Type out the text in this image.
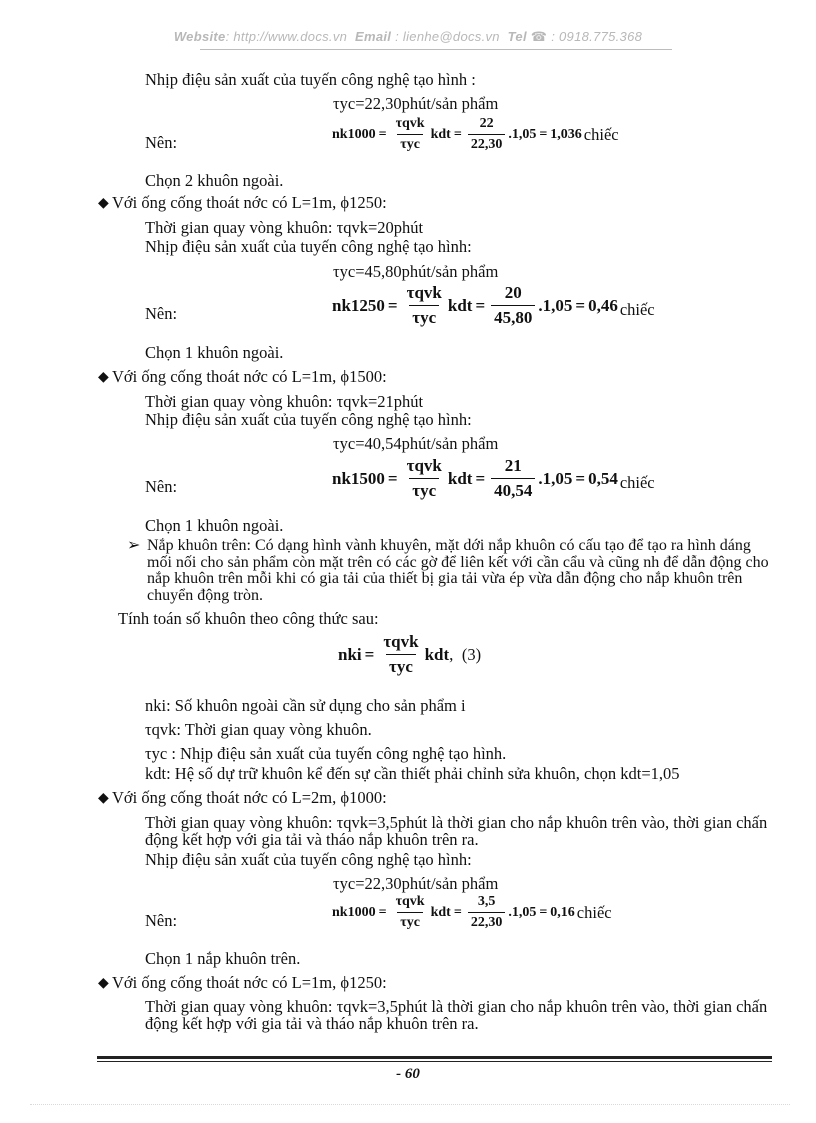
Website: http://www.docs.vn Email : lienhe@docs.vn Tel ☎ : 0918.775.368
Nhịp điệu sản xuất của tuyến công nghệ tạo hình :
τyc=22,30phút/sản phẩm
Nên:	$nk1000 = \frac{\text{τqvk}}{\text{τyc}}$ kdt = $\frac{22}{22,30} .1,05 = 1,036$ chiếc
Chọn 2 khuôn ngoài.
◆ Với ống cống thoát nớc có L=1m, ϕ1250:
Thời gian quay vòng khuôn: τqvk=20phút
Nhịp điệu sản xuất của tuyến công nghệ tạo hình:
τyc=45,80phút/sản phẩm
Nên:	$nk1250 = \frac{\text{τqvk}}{\text{τyc}}$ kdt = $\frac{20}{45,80} .1,05 = 0,46$ chiếc
Chọn 1 khuôn ngoài.
◆ Với ống cống thoát nớc có L=1m, ϕ1500:
Thời gian quay vòng khuôn: τqvk=21phút
Nhịp điệu sản xuất của tuyến công nghệ tạo hình:
τyc=40,54phút/sản phẩm
Nên:	$nk1500 = \frac{\text{τqvk}}{\text{τyc}}$ kdt = $\frac{21}{40,54} .1,05 = 0,54$ chiếc
Chọn 1 khuôn ngoài.
➢ Nắp khuôn trên: Có dạng hình vành khuyên, mặt dới nắp khuôn có cấu tạo để tạo ra hình dáng mối nối cho sản phẩm còn mặt trên có các gờ để liên kết với cần cẩu và cũng nh để dẫn động cho nắp khuôn trên mỗi khi có gia tải của thiết bị gia tải vừa ép vừa dẫn động cho nắp khuôn trên chuyển động tròn.
Tính toán số khuôn theo công thức sau:
nki = $\frac{\text{τqvk}}{\text{τyc}}$ kdt , (3)
nki: Số khuôn ngoài cần sử dụng cho sản phẩm i
τqvk: Thời gian quay vòng khuôn.
τyc : Nhịp điệu sản xuất của tuyến công nghệ tạo hình.
kdt: Hệ số dự trữ khuôn kể đến sự cần thiết phải chỉnh sửa khuôn, chọn kdt=1,05
◆ Với ống cống thoát nớc có L=2m, ϕ1000:
Thời gian quay vòng khuôn: τqvk=3,5phút là thời gian cho nắp khuôn trên vào, thời gian chấn động kết hợp với gia tải và tháo nắp khuôn trên ra.
Nhịp điệu sản xuất của tuyến công nghệ tạo hình:
τyc=22,30phút/sản phẩm
Nên:	$nk1000 = \frac{\text{τqvk}}{\text{τyc}}$ kdt = $\frac{3,5}{22,30} .1,05 = 0,16$ chiếc
Chọn 1 nắp khuôn trên.
◆ Với ống cống thoát nớc có L=1m, ϕ1250:
Thời gian quay vòng khuôn: τqvk=3,5phút là thời gian cho nắp khuôn trên vào, thời gian chấn động kết hợp với gia tải và tháo nắp khuôn trên ra.
- 60
